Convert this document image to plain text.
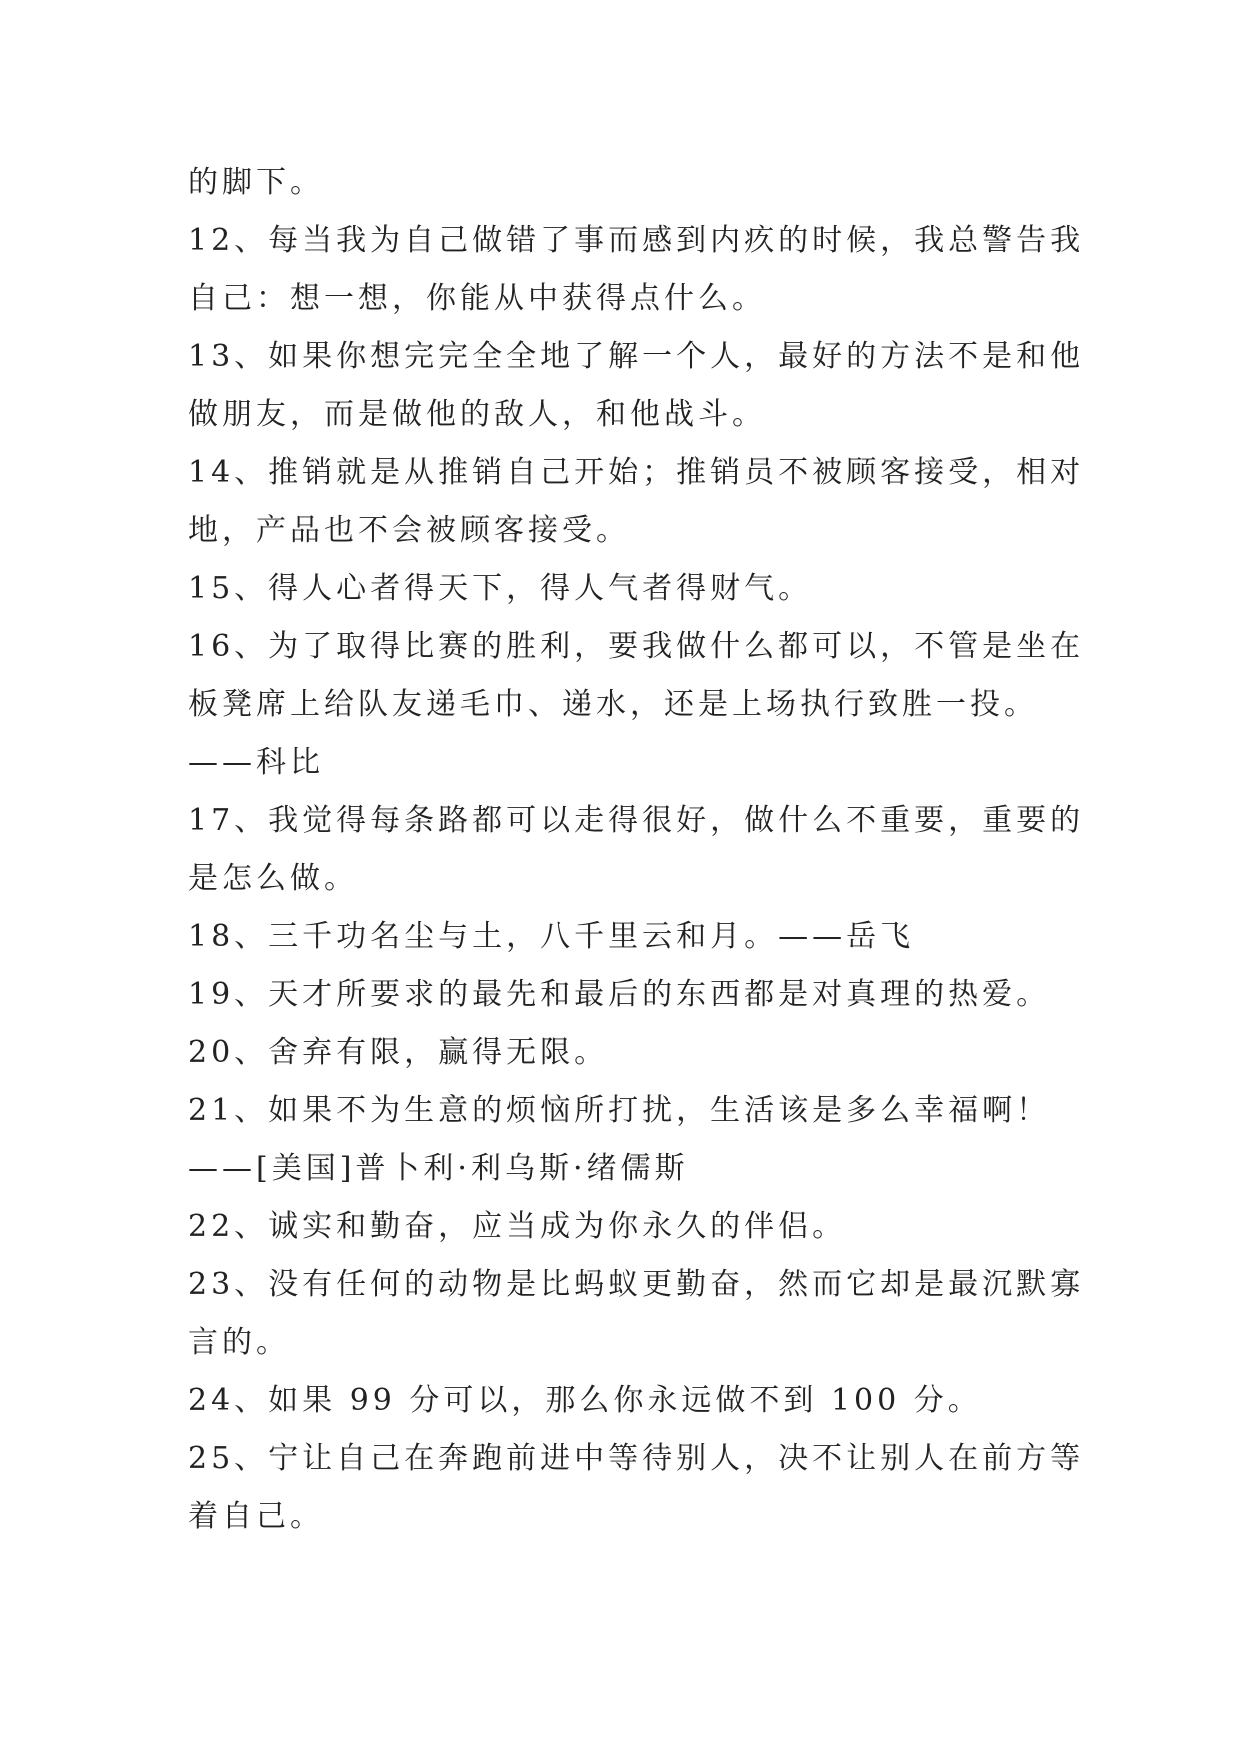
的脚下。
12、每当我为自己做错了事而感到内疚的时候，我总警告我
自己：想一想，你能从中获得点什么。
13、如果你想完完全全地了解一个人，最好的方法不是和他
做朋友，而是做他的敌人，和他战斗。
14、推销就是从推销自己开始；推销员不被顾客接受，相对
地，产品也不会被顾客接受。
15、得人心者得天下，得人气者得财气。
16、为了取得比赛的胜利，要我做什么都可以，不管是坐在
板凳席上给队友递毛巾、递水，还是上场执行致胜一投。
——科比
17、我觉得每条路都可以走得很好，做什么不重要，重要的
是怎么做。
18、三千功名尘与土，八千里云和月。——岳飞
19、天才所要求的最先和最后的东西都是对真理的热爱。
20、舍弃有限，赢得无限。
21、如果不为生意的烦恼所打扰，生活该是多么幸福啊！
——[美国]普卜利·利乌斯·绪儒斯
22、诚实和勤奋，应当成为你永久的伴侣。
23、没有任何的动物是比蚂蚁更勤奋，然而它却是最沉默寡
言的。
24、如果 99 分可以，那么你永远做不到 100 分。
25、宁让自己在奔跑前进中等待别人，决不让别人在前方等
着自己。
